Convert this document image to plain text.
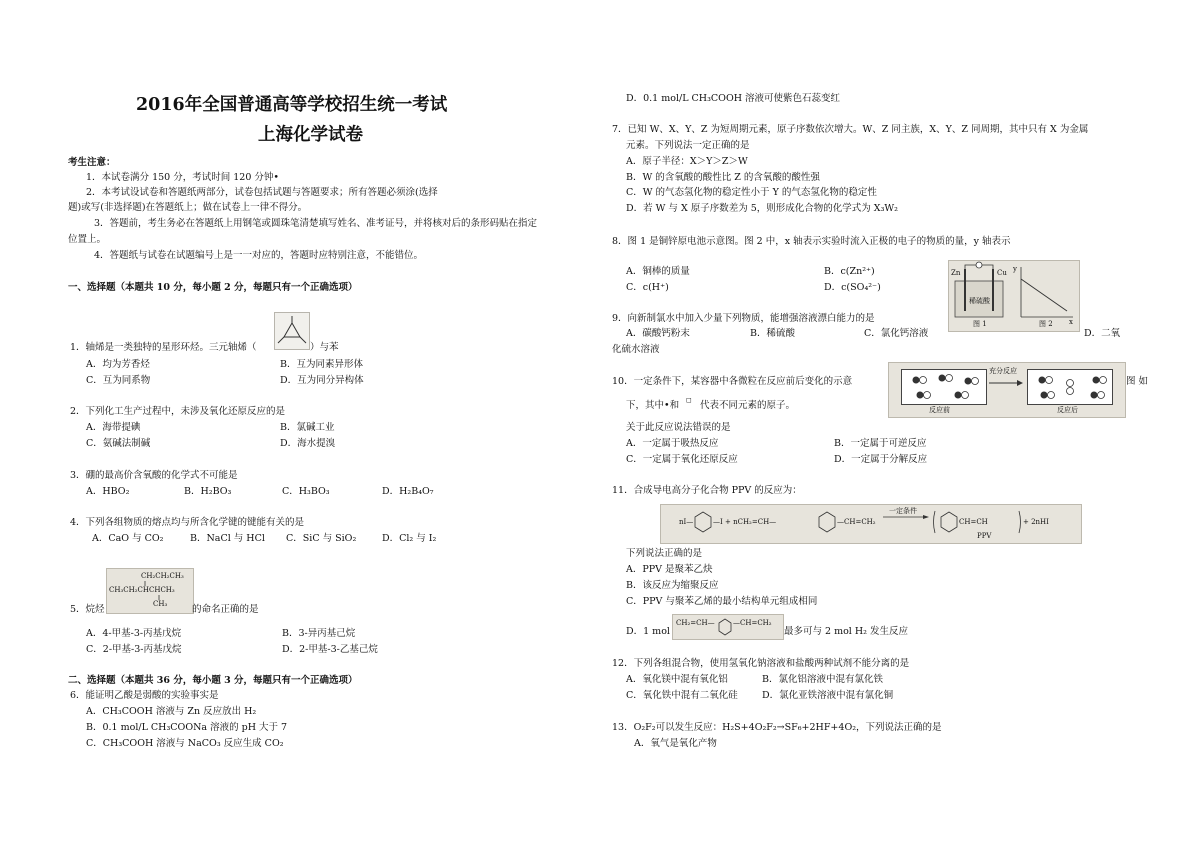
2016年全国普通高等学校招生统一考试
上海化学试卷
考生注意：
1．本试卷满分 150 分，考试时间 120 分钟•
2．本考试设试卷和答题纸两部分，试卷包括试题与答题要求；所有答题必须涂(选择
题)或写(非选择题)在答题纸上；做在试卷上一律不得分。
3．答题前，考生务必在答题纸上用钢笔或圆珠笔清楚填写姓名、准考证号，并将核对后的条形码贴在指定
位置上。
4．答题纸与试卷在试题编号上是一一对应的，答题时应特别注意，不能错位。
一、选择题（本题共 10 分，每小题 2 分，每题只有一个正确选项）
1．轴烯是一类独特的星形环烃。三元轴烯（	）与苯
A．均为芳香烃	B．互为同素异形体
C．互为同系物	D．互为同分异构体
2．下列化工生产过程中，未涉及氧化还原反应的是
A．海带提碘	B．氯碱工业
C．氨碱法制碱	D．海水提溴
3．硼的最高价含氧酸的化学式不可能是
A．HBO₂	B．H₂BO₃	C．H₃BO₃	D．H₂B₄O₇
4．下列各组物质的熔点均与所含化学键的键能有关的是
A．CaO 与 CO₂	B．NaCl 与 HCl C．SiC 与 SiO₂	D．Cl₂ 与 I₂
CH₂CH₂CH₃
CH₃CH₂CHCHCH₃
CH₃
5．烷烃	的命名正确的是
A．4-甲基-3-丙基戊烷	B．3-异丙基己烷
C．2-甲基-3-丙基戊烷	D．2-甲基-3-乙基己烷
二、选择题（本题共 36 分，每小题 3 分，每题只有一个正确选项）
6．能证明乙酸是弱酸的实验事实是
A．CH₃COOH 溶液与 Zn 反应放出 H₂
B．0.1 mol/L CH₃COONa 溶液的 pH 大于 7
C．CH₃COOH 溶液与 NaCO₃ 反应生成 CO₂
D．0.1 mol/L CH₃COOH 溶液可使紫色石蕊变红
7．已知 W、X、Y、Z 为短周期元素，原子序数依次增大。W、Z 同主族，X、Y、Z 同周期，其中只有 X 为金属
元素。下列说法一定正确的是
A．原子半径：X＞Y＞Z＞W
B．W 的含氧酸的酸性比 Z 的含氧酸的酸性强
C．W 的气态氢化物的稳定性小于 Y 的气态氢化物的稳定性
D．若 W 与 X 原子序数差为 5，则形成化合物的化学式为 X₃W₂
8．图 1 是铜锌原电池示意图。图 2 中，x 轴表示实验时流入正极的电子的物质的量，y 轴表示
A．铜棒的质量	B．c(Zn²⁺)
C．c(H⁺)	D．c(SO₄²⁻)
Zn	Cu
稀硫酸
y
x
图 1	图 2
9．向新制氯水中加入少量下列物质，能增强溶液漂白能力的是
A．碳酸钙粉末	B．稀硫酸	C．氯化钙溶液	D．二氧
化硫水溶液
10．一定条件下，某容器中各微粒在反应前后变化的示意
充分反应
反应前	反应后
图 如
下，其中•和 ◻ 代表不同元素的原子。
关于此反应说法错误的是
A．一定属于吸热反应	B．一定属于可逆反应
C．一定属于氧化还原反应	D．一定属于分解反应
11．合成导电高分子化合物 PPV 的反应为：
nI—	—I + nCH₂=CH—	—CH=CH₂
一定条件
CH=CH	+ 2nHI
PPV
下列说法正确的是
A．PPV 是聚苯乙炔
B．该反应为缩聚反应
C．PPV 与聚苯乙烯的最小结构单元组成相同
D．1 mol
CH₂=CH—	—CH=CH₂
最多可与 2 mol H₂ 发生反应
12．下列各组混合物，使用氢氧化钠溶液和盐酸两种试剂不能分离的是
A．氧化镁中混有氧化铝	B．氯化铝溶液中混有氯化铁
C．氧化铁中混有二氧化硅	D．氯化亚铁溶液中混有氯化铜
13．O₂F₂可以发生反应：H₂S+4O₂F₂→SF₆+2HF+4O₂，下列说法正确的是
A．氧气是氧化产物
